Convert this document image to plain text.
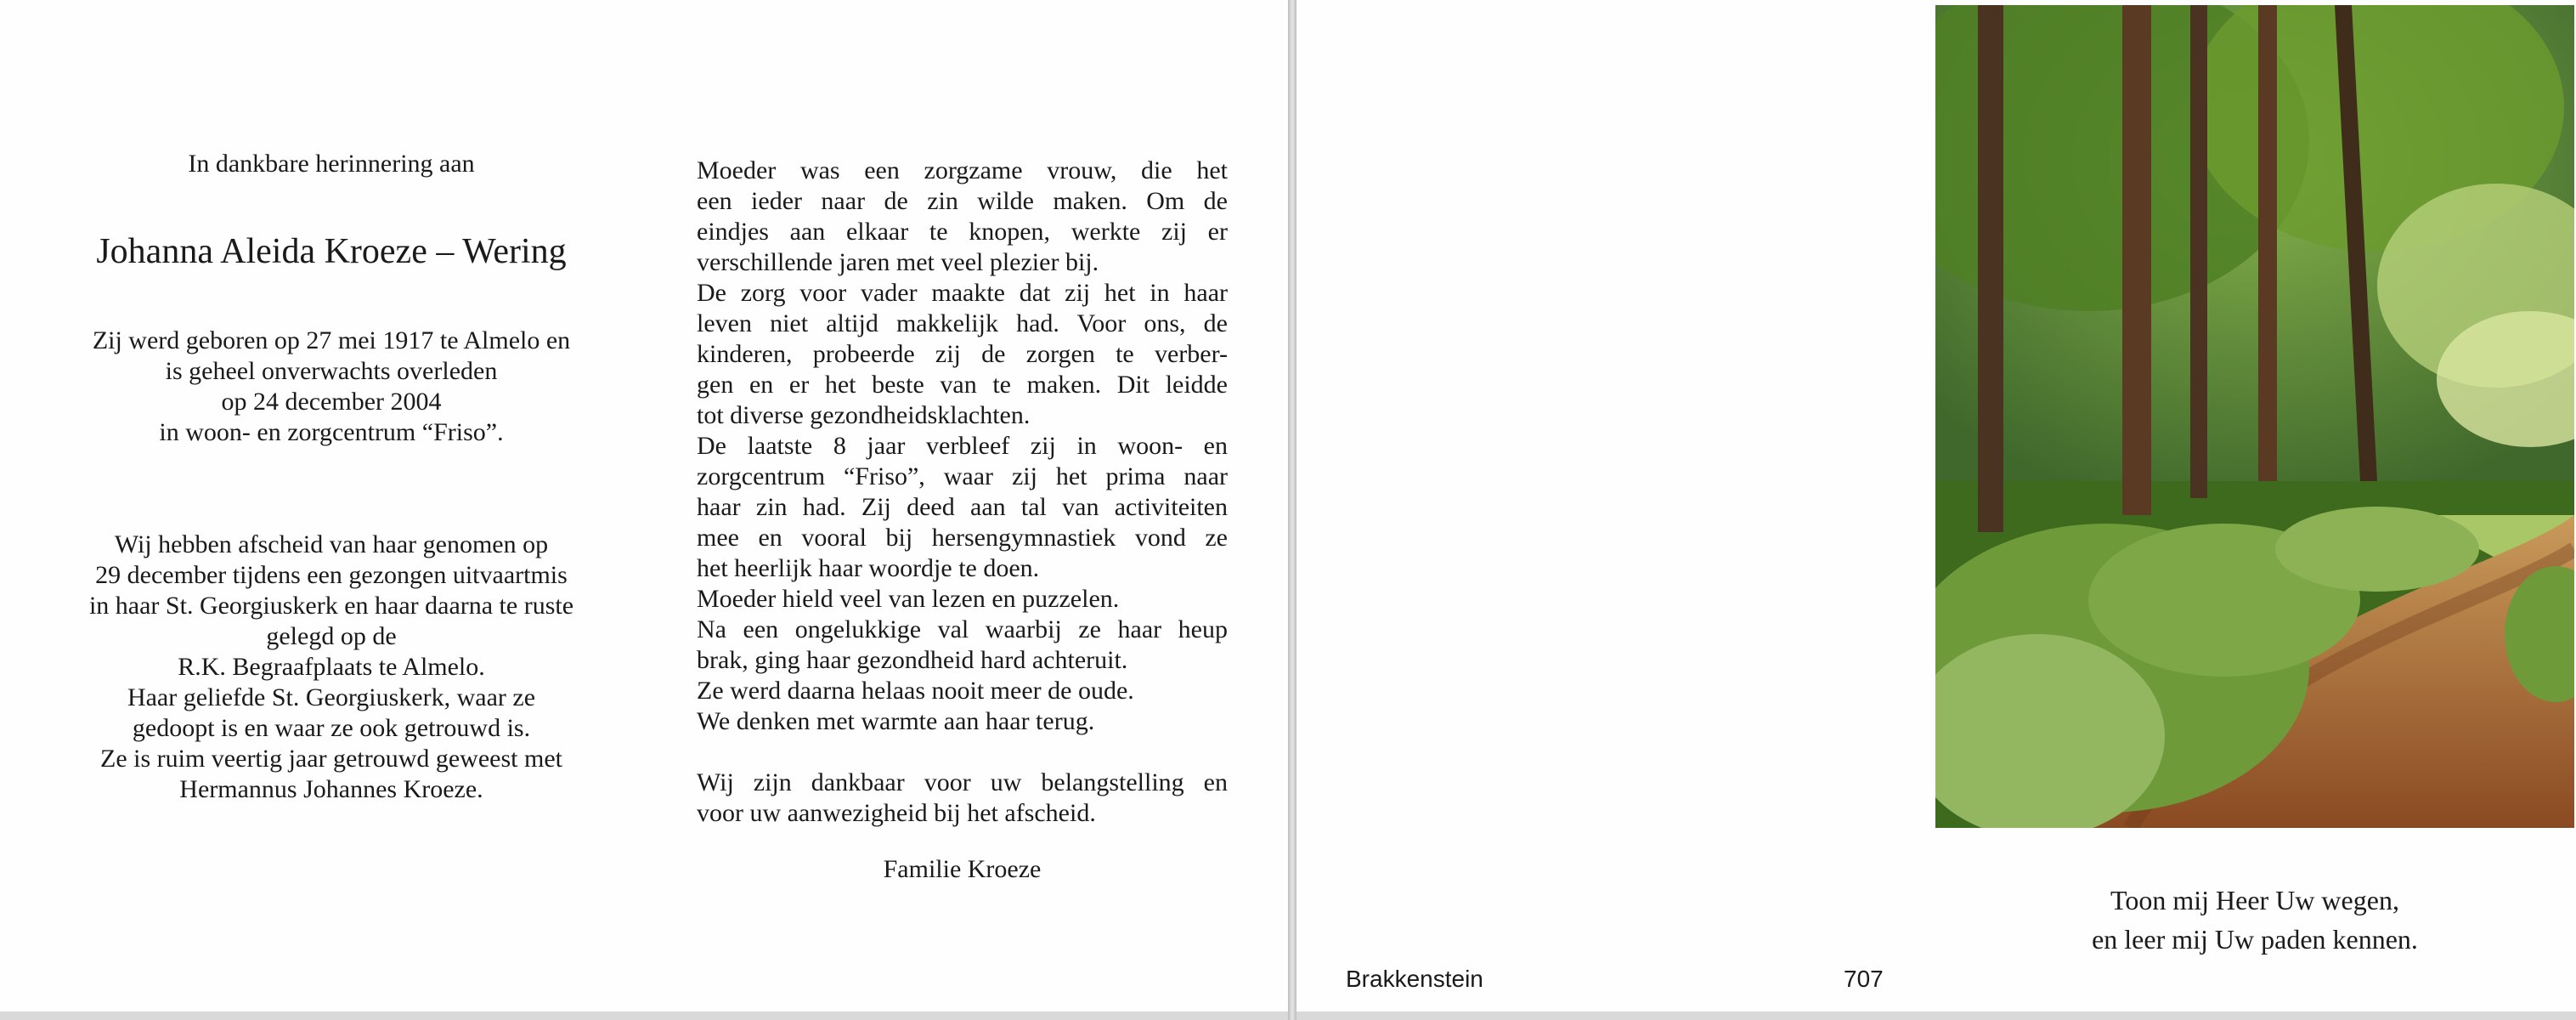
In dankbare herinnering aan

Johanna Aleida Kroeze – Wering

Zij werd geboren op 27 mei 1917 te Almelo en
is geheel onverwachts overleden
op 24 december 2004
in woon- en zorgcentrum “Friso”.

Wij hebben afscheid van haar genomen op
29 december tijdens een gezongen uitvaartmis
in haar St. Georgiuskerk en haar daarna te ruste
gelegd op de
R.K. Begraafplaats te Almelo.
Haar geliefde St. Georgiuskerk, waar ze
gedoopt is en waar ze ook getrouwd is.
Ze is ruim veertig jaar getrouwd geweest met
Hermannus Johannes Kroeze.

Moeder was een zorgzame vrouw, die het
een ieder naar de zin wilde maken. Om de
eindjes aan elkaar te knopen, werkte zij er
verschillende jaren met veel plezier bij.
De zorg voor vader maakte dat zij het in haar
leven niet altijd makkelijk had. Voor ons, de
kinderen, probeerde zij de zorgen te verber-
gen en er het beste van te maken. Dit leidde
tot diverse gezondheidsklachten.
De laatste 8 jaar verbleef zij in woon- en
zorgcentrum “Friso”, waar zij het prima naar
haar zin had. Zij deed aan tal van activiteiten
mee en vooral bij hersengymnastiek vond ze
het heerlijk haar woordje te doen.
Moeder hield veel van lezen en puzzelen.
Na een ongelukkige val waarbij ze haar heup
brak, ging haar gezondheid hard achteruit.
Ze werd daarna helaas nooit meer de oude.
We denken met warmte aan haar terug.

Wij zijn dankbaar voor uw belangstelling en
voor uw aanwezigheid bij het afscheid.

Familie Kroeze
Toon mij Heer Uw wegen,
en leer mij Uw paden kennen.
Brakkenstein	707
